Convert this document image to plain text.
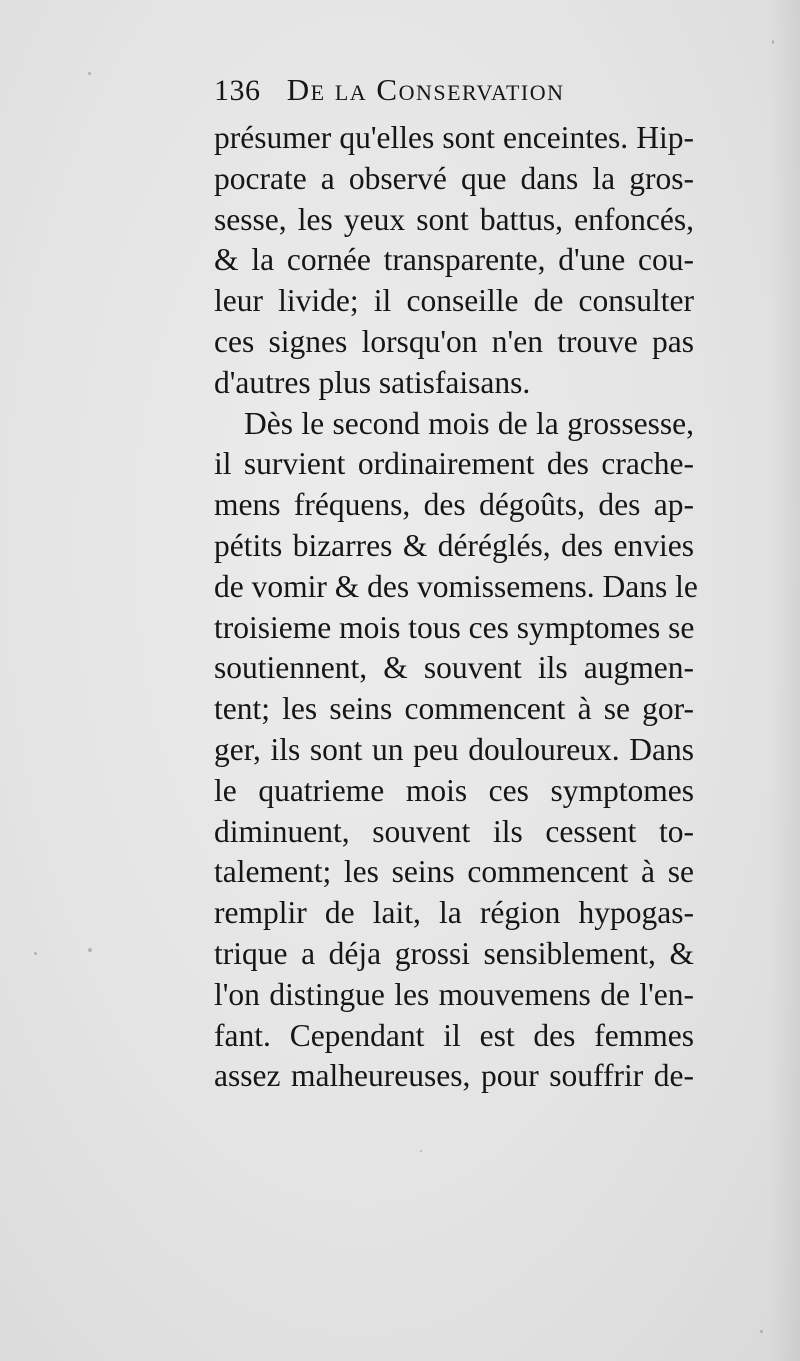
136 De la Conservation
présumer qu'elles sont enceintes. Hip-
pocrate a observé que dans la gros-
sesse, les yeux sont battus, enfoncés,
& la cornée transparente, d'une cou-
leur livide; il conseille de consulter
ces signes lorsqu'on n'en trouve pas
d'autres plus satisfaisans.
Dès le second mois de la grossesse,
il survient ordinairement des crache-
mens fréquens, des dégoûts, des ap-
pétits bizarres & déréglés, des envies
de vomir & des vomissemens. Dans le
troisieme mois tous ces symptomes se
soutiennent, & souvent ils augmen-
tent; les seins commencent à se gor-
ger, ils sont un peu douloureux. Dans
le quatrieme mois ces symptomes
diminuent, souvent ils cessent to-
talement; les seins commencent à se
remplir de lait, la région hypogas-
trique a déja grossi sensiblement, &
l'on distingue les mouvemens de l'en-
fant. Cependant il est des femmes
assez malheureuses, pour souffrir de-
